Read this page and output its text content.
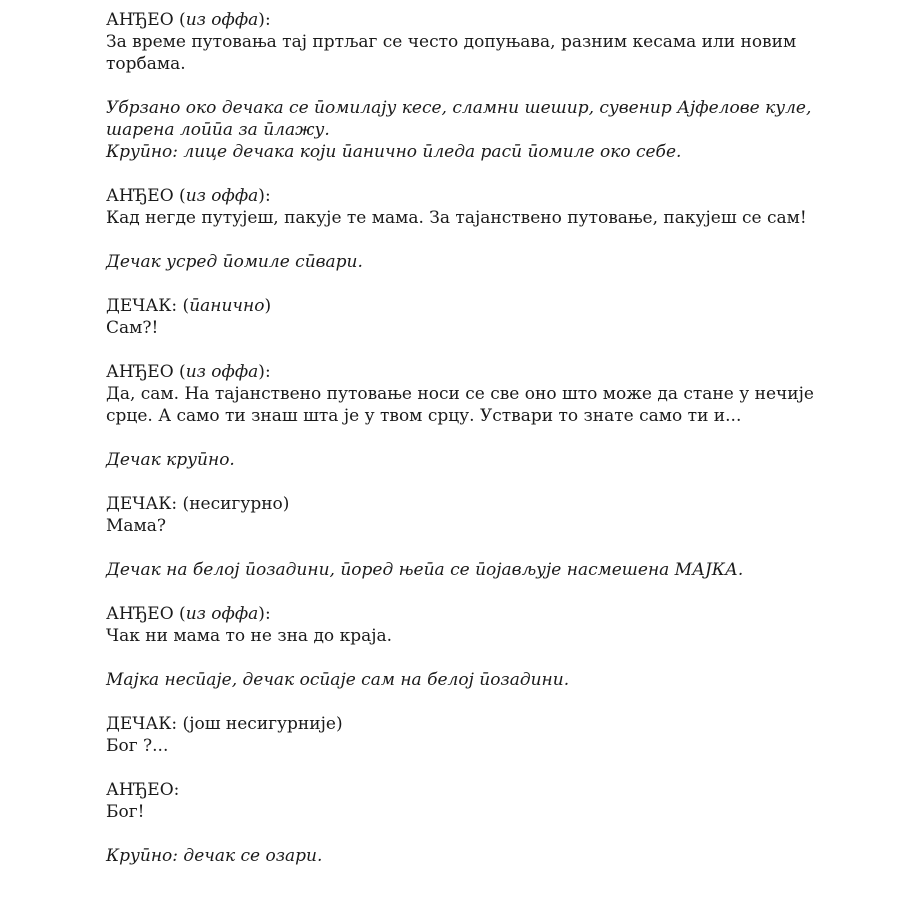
АНЂЕО (из оффа):

За време путовања тај пртљаг се често допуњава, разним кесама или новим торбама.

Убрзано око дечака се ӣомилају кесе, сламни шешир, сувенир Ајфелове куле, шарена лоӣӣа за ӣлажу.

Круӣно: лице дечака који ӣанично ӣледа расӣ ӣомиле око себе.

АНЂЕО (из оффа):

Кад негде путујеш, пакује те мама. За тајанствено путовање, пакујеш се сам!

Дечак усред ӣомиле сӣвари.

ДЕЧАК: (ӣанично)

Сам?!

АНЂЕО (из оффа):

Да, сам. На тајанствено путовање носи се све оно што може да стане у нечије срце. А само ти знаш шта је у твом срцу. Уствари то знате само ти и...

Дечак круӣно.

ДЕЧАК: (несигурно)

Мама?

Дечак на белој ӣозадини, ӣоред њеӣа се ӣојављује насмешена МАЈКА.

АНЂЕО (из оффа):

Чак ни мама то не зна до краја.

Мајка несӣаје, дечак осӣаје сам на белој ӣозадини.

ДЕЧАК: (још несигурније)

Бог ?...

АНЂЕО:

Бог!

Круӣно: дечак се озари.
